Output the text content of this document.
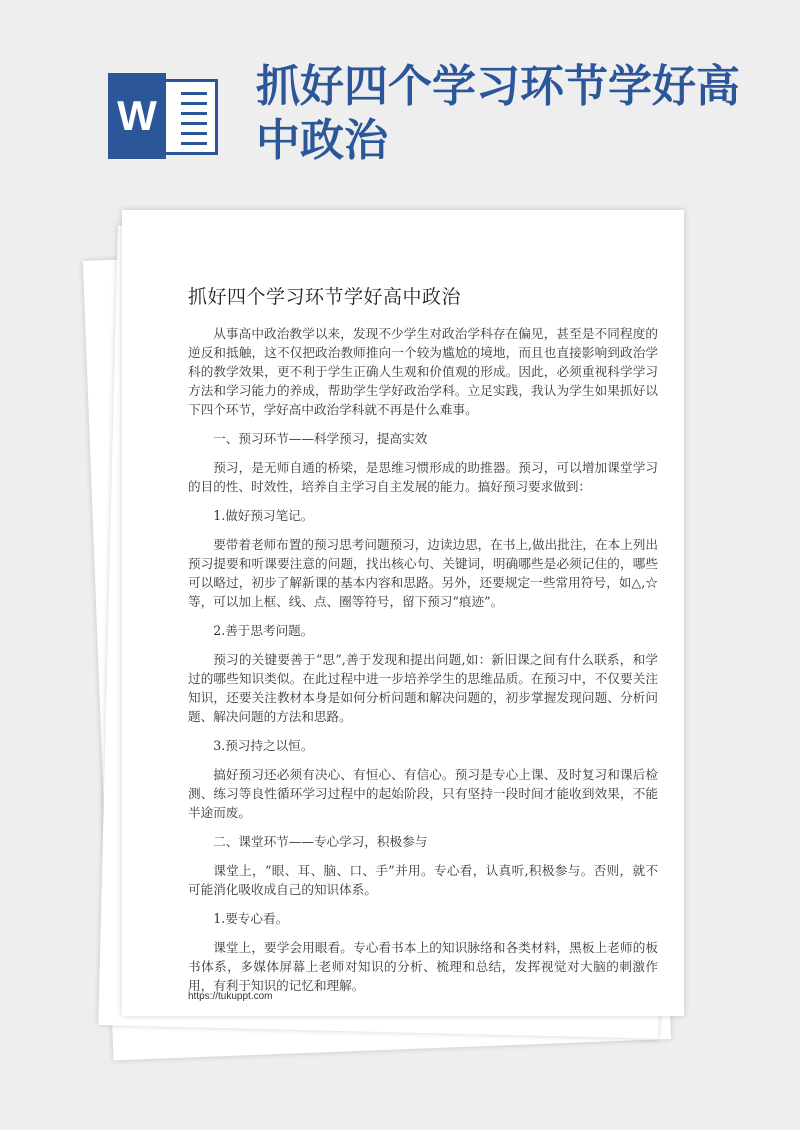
W
抓好四个学习环节学好高中政治
抓好四个学习环节学好高中政治

从事高中政治教学以来，发现不少学生对政治学科存在偏见，甚至是不同程度的逆反和抵触，这不仅把政治教师推向一个较为尴尬的境地，而且也直接影响到政治学科的教学效果，更不利于学生正确人生观和价值观的形成。因此，必须重视科学学习方法和学习能力的养成，帮助学生学好政治学科。立足实践，我认为学生如果抓好以下四个环节，学好高中政治学科就不再是什么难事。

一、预习环节——科学预习，提高实效

预习，是无师自通的桥梁，是思维习惯形成的助推器。预习，可以增加课堂学习的目的性、时效性，培养自主学习自主发展的能力。搞好预习要求做到：

1.做好预习笔记。

要带着老师布置的预习思考问题预习，边读边思，在书上,做出批注，在本上列出预习提要和听课要注意的问题，找出核心句、关键词，明确哪些是必须记住的，哪些可以略过，初步了解新课的基本内容和思路。另外，还要规定一些常用符号，如△,☆等，可以加上框、线、点、圈等符号，留下预习“痕迹”。

2.善于思考问题。

预习的关键要善于“思”,善于发现和提出问题,如：新旧课之间有什么联系，和学过的哪些知识类似。在此过程中进一步培养学生的思维品质。在预习中，不仅要关注知识，还要关注教材本身是如何分析问题和解决问题的，初步掌握发现问题、分析问题、解决问题的方法和思路。

3.预习持之以恒。

搞好预习还必须有决心、有恒心、有信心。预习是专心上课、及时复习和课后检测、练习等良性循环学习过程中的起始阶段，只有坚持一段时间才能收到效果，不能半途而废。

二、课堂环节——专心学习，积极参与

课堂上，“眼、耳、脑、口、手”并用。专心看，认真听,积极参与。否则，就不可能消化吸收成自己的知识体系。

1.要专心看。

课堂上，要学会用眼看。专心看书本上的知识脉络和各类材料，黑板上老师的板书体系，多媒体屏幕上老师对知识的分析、梳理和总结，发挥视觉对大脑的刺激作用，有利于知识的记忆和理解。

https://tukuppt.com
